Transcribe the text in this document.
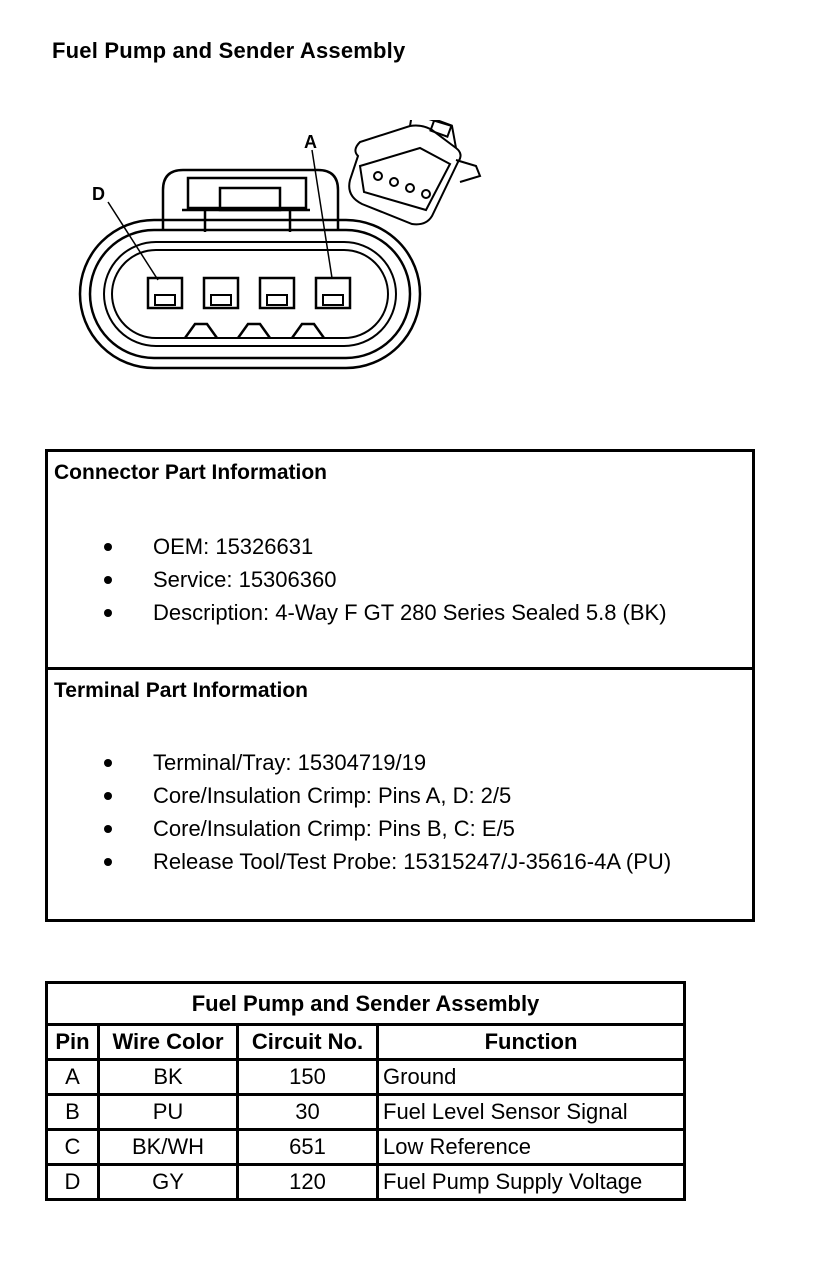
Fuel Pump and Sender Assembly
D
A
Connector Part Information
OEM: 15326631
Service: 15306360
Description: 4-Way F GT 280 Series Sealed 5.8 (BK)
Terminal Part Information
Terminal/Tray: 15304719/19
Core/Insulation Crimp: Pins A, D: 2/5
Core/Insulation Crimp: Pins B, C: E/5
Release Tool/Test Probe: 15315247/J-35616-4A (PU)
Fuel Pump and Sender Assembly			
Pin	Wire Color	Circuit No.	Function
A	BK	150	Ground
B	PU	30	Fuel Level Sensor Signal
C	BK/WH	651	Low Reference
D	GY	120	Fuel Pump Supply Voltage
